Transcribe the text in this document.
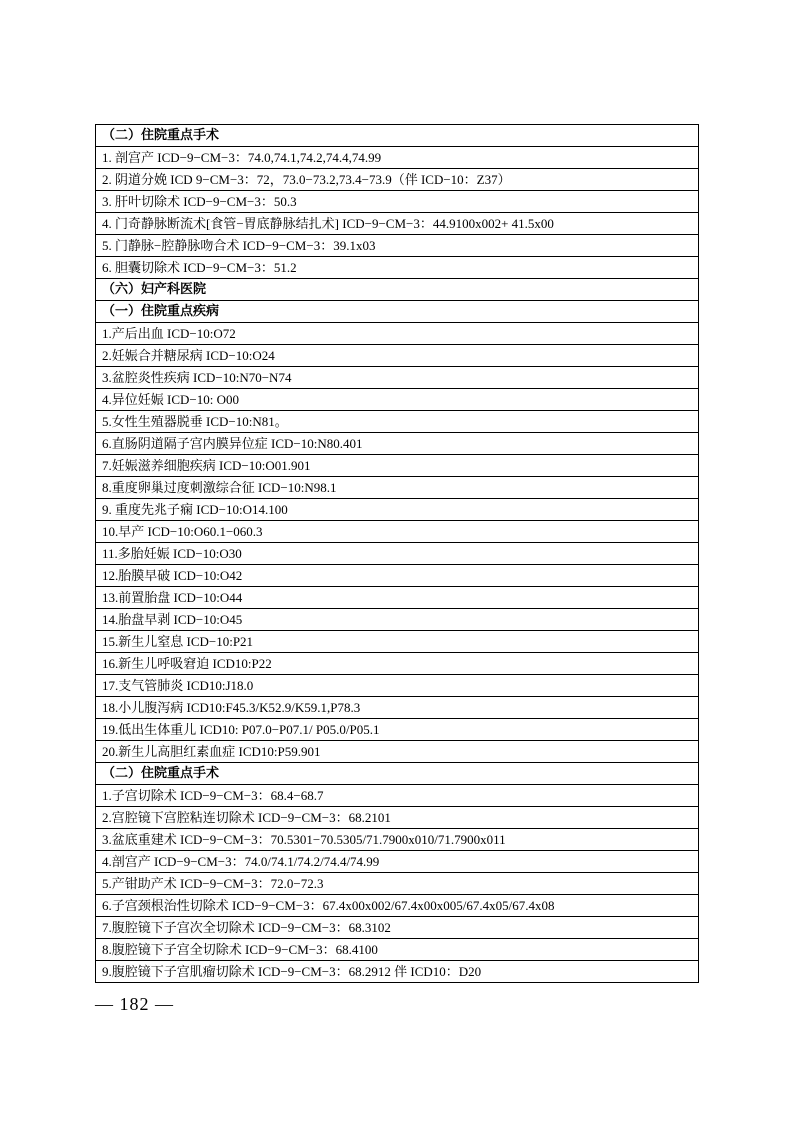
（二）住院重点手术
1. 剖宫产 ICD−9−CM−3：74.0,74.1,74.2,74.4,74.99
2. 阴道分娩 ICD 9−CM−3：72，73.0−73.2,73.4−73.9（伴 ICD−10：Z37）
3. 肝叶切除术 ICD−9−CM−3：50.3
4. 门奇静脉断流术[食管−胃底静脉结扎术] ICD−9−CM−3：44.9100x002+ 41.5x00
5. 门静脉−腔静脉吻合术 ICD−9−CM−3：39.1x03
6. 胆囊切除术 ICD−9−CM−3：51.2
（六）妇产科医院
（一）住院重点疾病
1.产后出血 ICD−10:O72
2.妊娠合并糖尿病 ICD−10:O24
3.盆腔炎性疾病 ICD−10:N70−N74
4.异位妊娠 ICD−10: O00
5.女性生殖器脱垂 ICD−10:N81。
6.直肠阴道隔子宫内膜异位症 ICD−10:N80.401
7.妊娠滋养细胞疾病 ICD−10:O01.901
8.重度卵巢过度刺激综合征 ICD−10:N98.1
9. 重度先兆子痫 ICD−10:O14.100
10.早产 ICD−10:O60.1−060.3
11.多胎妊娠 ICD−10:O30
12.胎膜早破 ICD−10:O42
13.前置胎盘 ICD−10:O44
14.胎盘早剥 ICD−10:O45
15.新生儿窒息 ICD−10:P21
16.新生儿呼吸窘迫 ICD10:P22
17.支气管肺炎 ICD10:J18.0
18.小儿腹泻病 ICD10:F45.3/K52.9/K59.1,P78.3
19.低出生体重儿 ICD10: P07.0−P07.1/ P05.0/P05.1
20.新生儿高胆红素血症 ICD10:P59.901
（二）住院重点手术
1.子宫切除术 ICD−9−CM−3：68.4−68.7
2.宫腔镜下宫腔粘连切除术 ICD−9−CM−3：68.2101
3.盆底重建术 ICD−9−CM−3：70.5301−70.5305/71.7900x010/71.7900x011
4.剖宫产 ICD−9−CM−3：74.0/74.1/74.2/74.4/74.99
5.产钳助产术 ICD−9−CM−3：72.0−72.3
6.子宫颈根治性切除术 ICD−9−CM−3：67.4x00x002/67.4x00x005/67.4x05/67.4x08
7.腹腔镜下子宫次全切除术 ICD−9−CM−3：68.3102
8.腹腔镜下子宫全切除术 ICD−9−CM−3：68.4100
9.腹腔镜下子宫肌瘤切除术 ICD−9−CM−3：68.2912 伴 ICD10：D20
— 182 —
